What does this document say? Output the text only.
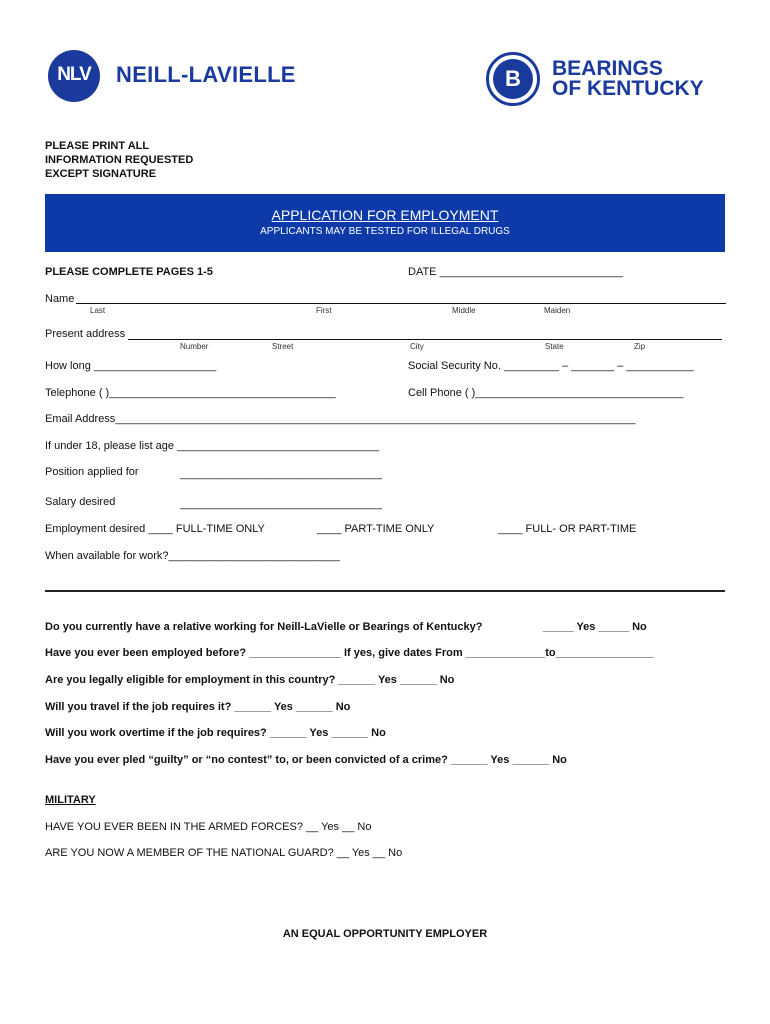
NLV NEILL-LAVIELLE	B	BEARINGS
OF KENTUCKY
PLEASE PRINT ALL
INFORMATION REQUESTED
EXCEPT SIGNATURE
APPLICATION FOR EMPLOYMENT
APPLICANTS MAY BE TESTED FOR ILLEGAL DRUGS
PLEASE COMPLETE PAGES 1-5	DATE ______________________________
Name
Last	First	Middle	Maiden
Present address
Number	Street	City	State	Zip
How long ____________________	Social Security No. _________ – _______ – ___________
Telephone ( )_____________________________________	Cell Phone ( )__________________________________
Email Address_____________________________________________________________________________________
If under 18, please list age _________________________________
Position applied for	_________________________________
Salary desired	_________________________________
Employment desired ____ FULL-TIME ONLY	____ PART-TIME ONLY	____ FULL- OR PART-TIME
When available for work?____________________________
Do you currently have a relative working for Neill-LaVielle or Bearings of Kentucky?	_____ Yes _____ No
Have you ever been employed before? _______________ If yes, give dates From _____________to________________
Are you legally eligible for employment in this country? ______ Yes ______ No
Will you travel if the job requires it? ______ Yes ______ No
Will you work overtime if the job requires? ______ Yes ______ No
Have you ever pled “guilty” or “no contest” to, or been convicted of a crime? ______ Yes ______ No
MILITARY
HAVE YOU EVER BEEN IN THE ARMED FORCES? __ Yes __ No
ARE YOU NOW A MEMBER OF THE NATIONAL GUARD? __ Yes __ No
AN EQUAL OPPORTUNITY EMPLOYER
